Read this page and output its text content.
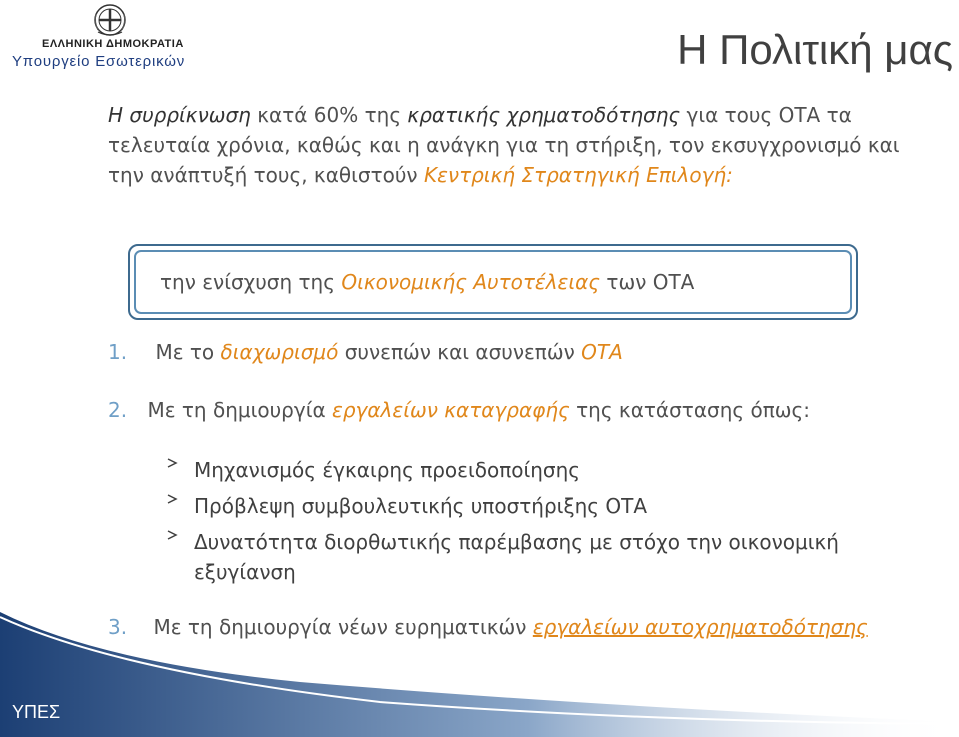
ΕΛΛΗΝΙΚΗ ΔΗΜΟΚΡΑΤΙΑ
Υπουργείο Εσωτερικών	Η Πολιτική μας
Η συρρίκνωση κατά 60% της κρατικής χρηματοδότησης για τους ΟΤΑ τα τελευταία χρόνια, καθώς και η ανάγκη για τη στήριξη, τον εκσυγχρονισμό και την ανάπτυξή τους, καθιστούν Κεντρική Στρατηγική Επιλογή:
την ενίσχυση της Οικονομικής Αυτοτέλειας των ΟΤΑ
1. Με το διαχωρισμό συνεπών και ασυνεπών ΟΤΑ
2. Με τη δημιουργία εργαλείων καταγραφής της κατάστασης όπως:
Μηχανισμός έγκαιρης προειδοποίησης
Πρόβλεψη συμβουλευτικής υποστήριξης ΟΤΑ
Δυνατότητα διορθωτικής παρέμβασης με στόχο την οικονομική εξυγίανση
3. Με τη δημιουργία νέων ευρηματικών εργαλείων αυτοχρηματοδότησης
ΥΠΕΣ
